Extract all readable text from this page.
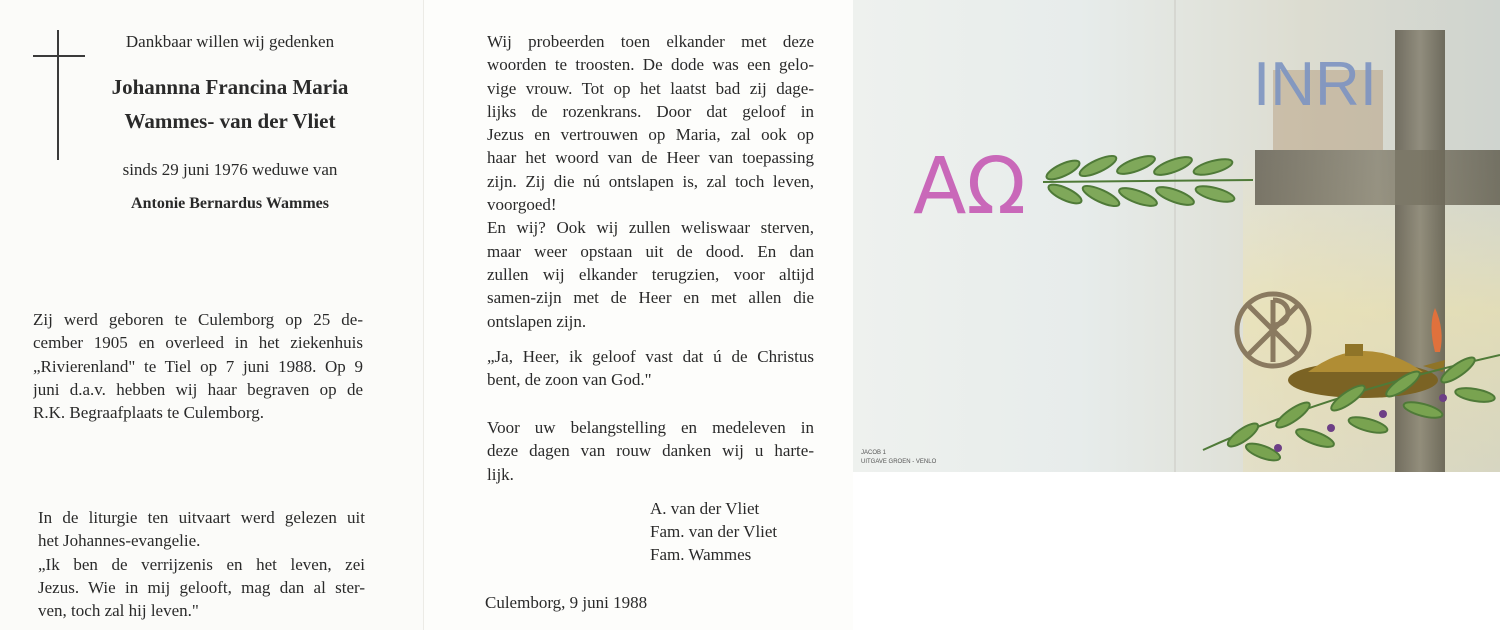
Dankbaar willen wij gedenken
Johannna Francina Maria
Wammes- van der Vliet
sinds 29 juni 1976 weduwe van
Antonie Bernardus Wammes
Zij werd geboren te Culemborg op 25 de-
cember 1905 en overleed in het ziekenhuis
„Rivierenland" te Tiel op 7 juni 1988. Op 9
juni d.a.v. hebben wij haar begraven op de
R.K. Begraafplaats te Culemborg.
In de liturgie ten uitvaart werd gelezen uit
het Johannes-evangelie.
„Ik ben de verrijzenis en het leven, zei
Jezus. Wie in mij gelooft, mag dan al ster-
ven, toch zal hij leven."
Wij probeerden toen elkander met deze
woorden te troosten. De dode was een gelo-
vige vrouw. Tot op het laatst bad zij dage-
lijks de rozenkrans. Door dat geloof in
Jezus en vertrouwen op Maria, zal ook op
haar het woord van de Heer van toepassing
zijn. Zij die nú ontslapen is, zal toch leven,
voorgoed!
En wij? Ook wij zullen weliswaar sterven,
maar weer opstaan uit de dood. En dan
zullen wij elkander terugzien, voor altijd
samen-zijn met de Heer en met allen die
ontslapen zijn.
„Ja, Heer, ik geloof vast dat ú de Christus
bent, de zoon van God."
Voor uw belangstelling en medeleven in
deze dagen van rouw danken wij u harte-
lijk.
A. van der Vliet
Fam. van der Vliet
Fam. Wammes
Culemborg, 9 juni 1988
INRI
AΩ
JACOB 1
UITGAVE GROEN - VENLO
